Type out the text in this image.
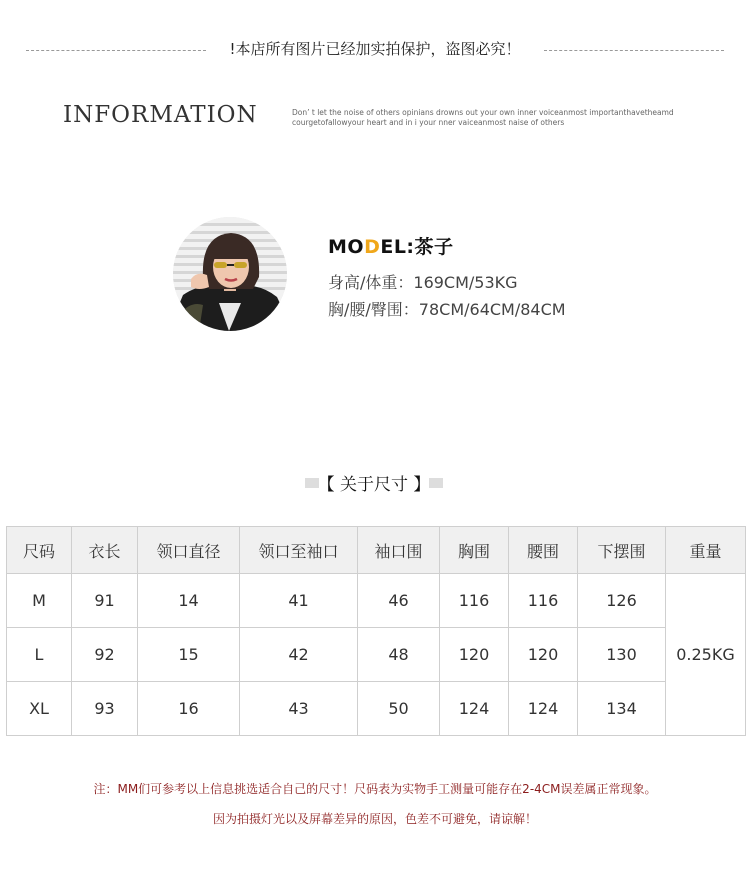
!本店所有图片已经加实拍保护，盗图必究！
INFORMATION	Don’ t let the noise of others opinians drowns out your own inner voiceanmost importanthavetheamd
courgetofallowyour heart and in i your nner vaiceanmost naise of others
MODEL:茶子
身高/体重：169CM/53KG
胸/腰/臀围：78CM/64CM/84CM
【 关于尺寸 】
尺码	衣长	领口直径	领口至袖口	袖口围	胸围	腰围	下摆围	重量
M	91	14	41	46	116	116	126	0.25KG
L	92	15	42	48	120	120	130	
XL	93	16	43	50	124	124	134	
注：MM们可参考以上信息挑选适合自己的尺寸！尺码表为实物手工测量可能存在2-4CM误差属正常现象。
因为拍摄灯光以及屏幕差异的原因，色差不可避免，请谅解！
